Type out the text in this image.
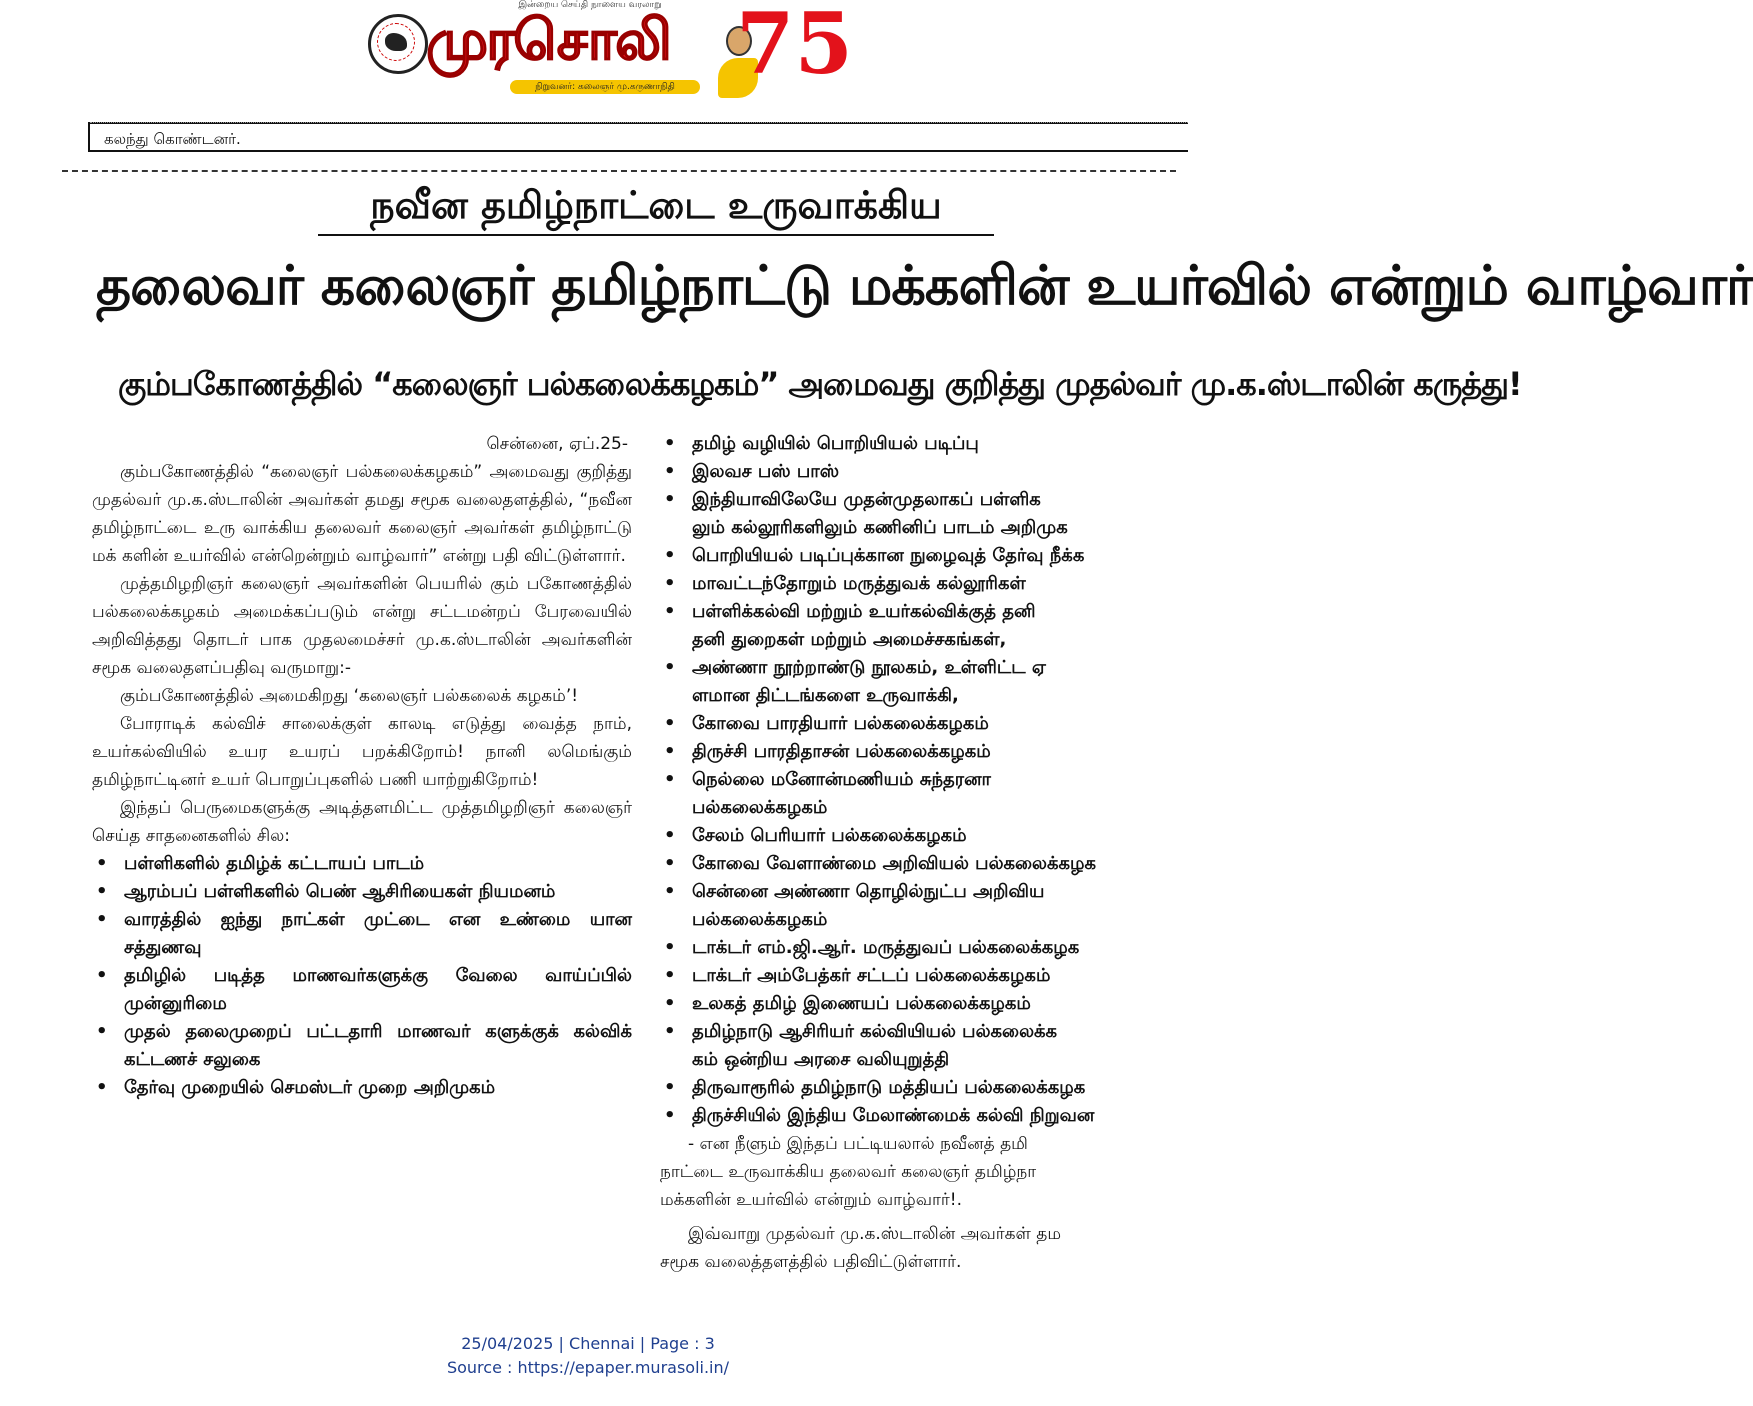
இன்றைய செய்தி நாளைய வரலாறு
முரசொலி
நிறுவனர்: கலைஞர் மு.கருணாநிதி 75
கலந்து கொண்டனர்.
நவீன தமிழ்நாட்டை உருவாக்கிய
தலைவர் கலைஞர் தமிழ்நாட்டு மக்களின் உயர்வில் என்றும் வாழ்வார்
கும்பகோணத்தில் “கலைஞர் பல்கலைக்கழகம்” அமைவது குறித்து முதல்வர் மு.க.ஸ்டாலின் கருத்து!
சென்னை, ஏப்.25-
கும்பகோணத்தில் “கலைஞர் பல்கலைக்கழகம்” அமைவது குறித்து முதல்வர் மு.க.ஸ்டாலின் அவர்கள் தமது சமூக வலைதளத்தில், “நவீன தமிழ்நாட்டை உரு வாக்கிய தலைவர் கலைஞர் அவர்கள் தமிழ்நாட்டு மக் களின் உயர்வில் என்றென்றும் வாழ்வார்” என்று பதி விட்டுள்ளார்.
முத்தமிழறிஞர் கலைஞர் அவர்களின் பெயரில் கும் பகோணத்தில் பல்கலைக்கழகம் அமைக்கப்படும் என்று சட்டமன்றப் பேரவையில் அறிவித்தது தொடர் பாக முதலமைச்சர் மு.க.ஸ்டாலின் அவர்களின் சமூக வலைதளப்பதிவு வருமாறு:-
கும்பகோணத்தில் அமைகிறது ‘கலைஞர் பல்கலைக் கழகம்’!
போராடிக் கல்விச் சாலைக்குள் காலடி எடுத்து வைத்த நாம், உயர்கல்வியில் உயர உயரப் பறக்கிறோம்! நானி லமெங்கும் தமிழ்நாட்டினர் உயர் பொறுப்புகளில் பணி யாற்றுகிறோம்!
இந்தப் பெருமைகளுக்கு அடித்தளமிட்ட முத்தமிழறிஞர் கலைஞர் செய்த சாதனைகளில் சில:
• பள்ளிகளில் தமிழ்க் கட்டாயப் பாடம்
• ஆரம்பப் பள்ளிகளில் பெண் ஆசிரியைகள் நியமனம்
• வாரத்தில் ஐந்து நாட்கள் முட்டை என உண்மை யான சத்துணவு
• தமிழில் படித்த மாணவர்களுக்கு வேலை வாய்ப்பில் முன்னுரிமை
• முதல் தலைமுறைப் பட்டதாரி மாணவர் களுக்குக் கல்விக் கட்டணச் சலுகை
• தேர்வு முறையில் செமஸ்டர் முறை அறிமுகம்
• தமிழ் வழியில் பொறியியல் படிப்பு
• இலவச பஸ் பாஸ்
• இந்தியாவிலேயே முதன்முதலாகப் பள்ளிக
லும் கல்லூரிகளிலும் கணினிப் பாடம் அறிமுக
• பொறியியல் படிப்புக்கான நுழைவுத் தேர்வு நீக்க
• மாவட்டந்தோறும் மருத்துவக் கல்லூரிகள்
• பள்ளிக்கல்வி மற்றும் உயர்கல்விக்குத் தனி
தனி துறைகள் மற்றும் அமைச்சகங்கள்,
• அண்ணா நூற்றாண்டு நூலகம், உள்ளிட்ட ஏ
ளமான திட்டங்களை உருவாக்கி,
• கோவை பாரதியார் பல்கலைக்கழகம்
• திருச்சி பாரதிதாசன் பல்கலைக்கழகம்
• நெல்லை மனோன்மணியம் சுந்தரனா
பல்கலைக்கழகம்
• சேலம் பெரியார் பல்கலைக்கழகம்
• கோவை வேளாண்மை அறிவியல் பல்கலைக்கழக
• சென்னை அண்ணா தொழில்நுட்ப அறிவிய
பல்கலைக்கழகம்
• டாக்டர் எம்.ஜி.ஆர். மருத்துவப் பல்கலைக்கழக
• டாக்டர் அம்பேத்கர் சட்டப் பல்கலைக்கழகம்
• உலகத் தமிழ் இணையப் பல்கலைக்கழகம்
• தமிழ்நாடு ஆசிரியர் கல்வியியல் பல்கலைக்க
கம் ஒன்றிய அரசை வலியுறுத்தி
• திருவாரூரில் தமிழ்நாடு மத்தியப் பல்கலைக்கழக
• திருச்சியில் இந்திய மேலாண்மைக் கல்வி நிறுவன
- என நீளும் இந்தப் பட்டியலால் நவீனத் தமி
நாட்டை உருவாக்கிய தலைவர் கலைஞர் தமிழ்நா
மக்களின் உயர்வில் என்றும் வாழ்வார்!.
இவ்வாறு முதல்வர் மு.க.ஸ்டாலின் அவர்கள் தம
சமூக வலைத்தளத்தில் பதிவிட்டுள்ளார்.
25/04/2025 | Chennai | Page : 3
Source : https://epaper.murasoli.in/
